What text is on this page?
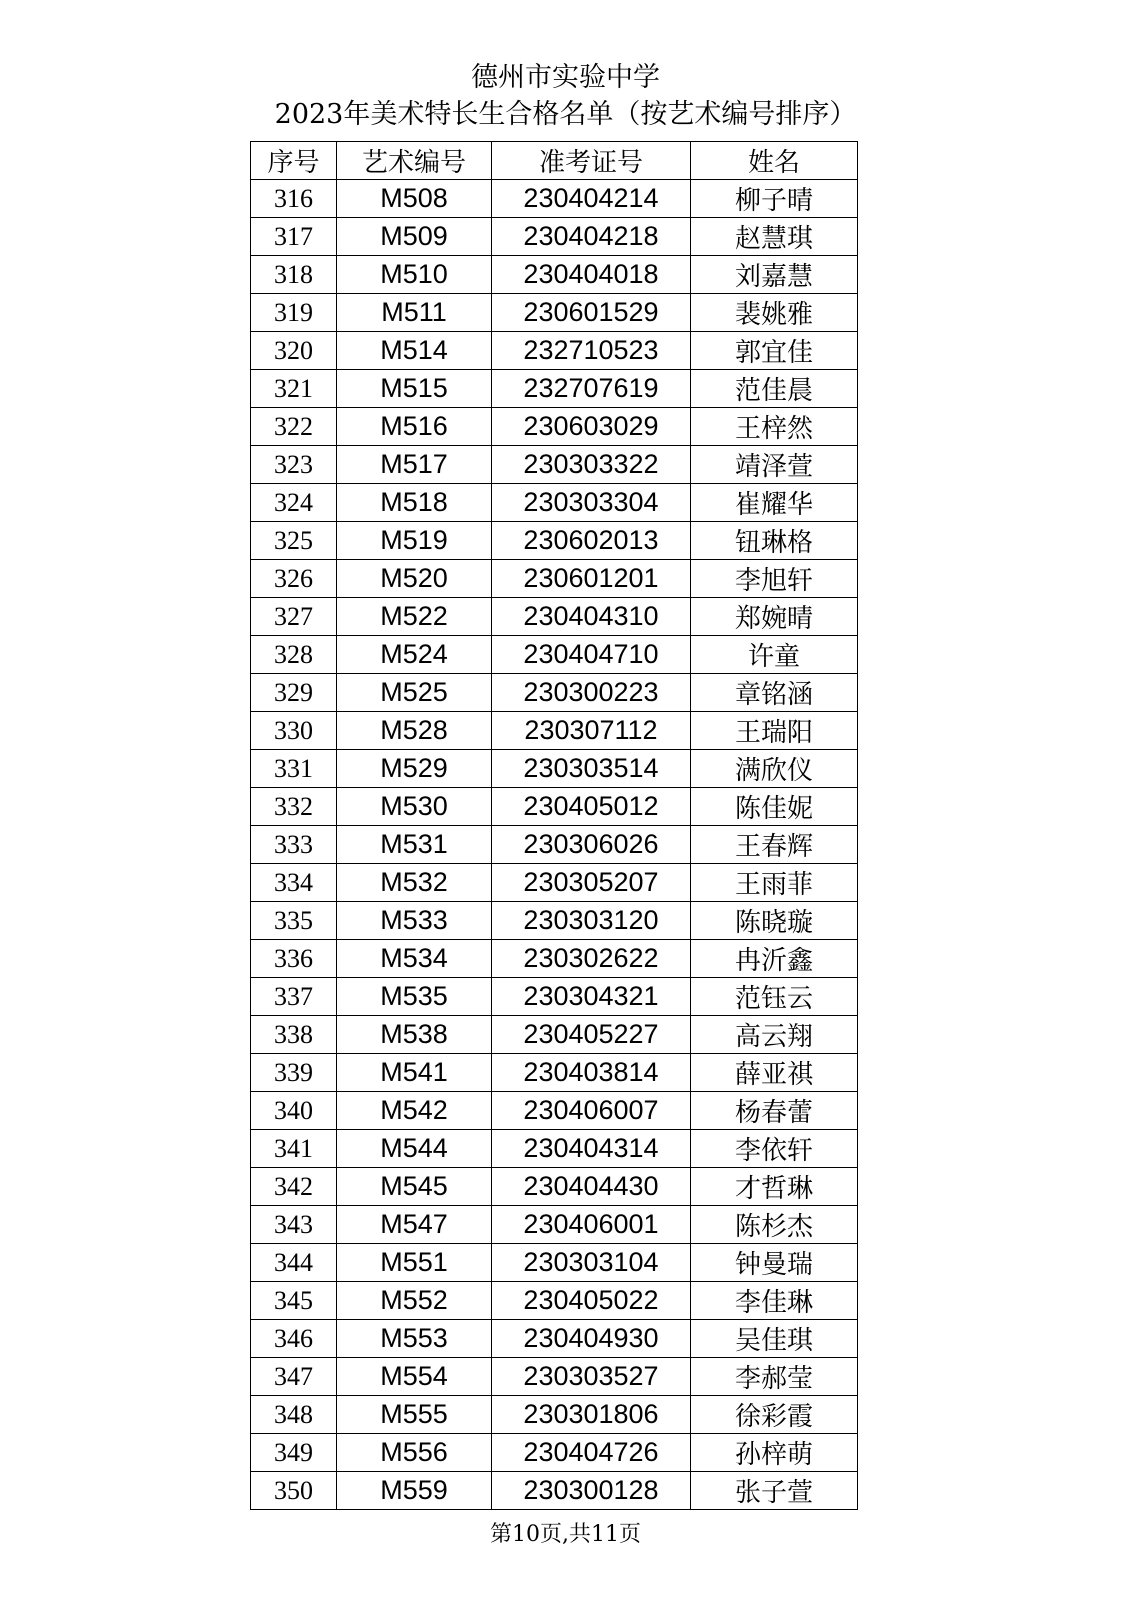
德州市实验中学
2023年美术特长生合格名单（按艺术编号排序）
序号	艺术编号	准考证号	姓名
316	M508	230404214	柳子晴
317	M509	230404218	赵慧琪
318	M510	230404018	刘嘉慧
319	M511	230601529	裴姚雅
320	M514	232710523	郭宜佳
321	M515	232707619	范佳晨
322	M516	230603029	王梓然
323	M517	230303322	靖泽萱
324	M518	230303304	崔耀华
325	M519	230602013	钮琳格
326	M520	230601201	李旭轩
327	M522	230404310	郑婉晴
328	M524	230404710	许童
329	M525	230300223	章铭涵
330	M528	230307112	王瑞阳
331	M529	230303514	满欣仪
332	M530	230405012	陈佳妮
333	M531	230306026	王春辉
334	M532	230305207	王雨菲
335	M533	230303120	陈晓璇
336	M534	230302622	冉沂鑫
337	M535	230304321	范钰云
338	M538	230405227	高云翔
339	M541	230403814	薛亚祺
340	M542	230406007	杨春蕾
341	M544	230404314	李依轩
342	M545	230404430	才哲琳
343	M547	230406001	陈杉杰
344	M551	230303104	钟曼瑞
345	M552	230405022	李佳琳
346	M553	230404930	吴佳琪
347	M554	230303527	李郝莹
348	M555	230301806	徐彩霞
349	M556	230404726	孙梓萌
350	M559	230300128	张子萱
第10页,共11页
